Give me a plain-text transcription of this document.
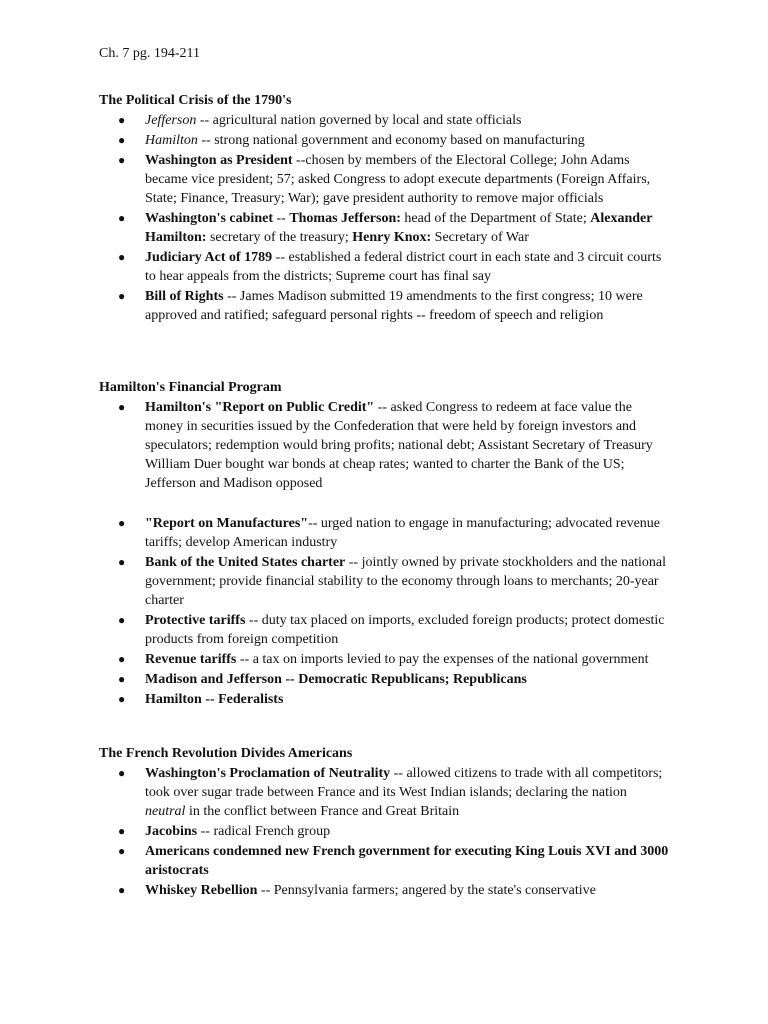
Ch. 7 pg. 194-211
The Political Crisis of the 1790's
● Jefferson -- agricultural nation governed by local and state officials
● Hamilton -- strong national government and economy based on manufacturing
● Washington as President --chosen by members of the Electoral College; John Adams became vice president; 57; asked Congress to adopt execute departments (Foreign Affairs, State; Finance, Treasury; War); gave president authority to remove major officials
● Washington's cabinet -- Thomas Jefferson: head of the Department of State; Alexander Hamilton: secretary of the treasury; Henry Knox: Secretary of War
● Judiciary Act of 1789 -- established a federal district court in each state and 3 circuit courts to hear appeals from the districts; Supreme court has final say
● Bill of Rights -- James Madison submitted 19 amendments to the first congress; 10 were approved and ratified; safeguard personal rights -- freedom of speech and religion
Hamilton's Financial Program
● Hamilton's "Report on Public Credit" -- asked Congress to redeem at face value the money in securities issued by the Confederation that were held by foreign investors and speculators; redemption would bring profits; national debt; Assistant Secretary of Treasury William Duer bought war bonds at cheap rates; wanted to charter the Bank of the US; Jefferson and Madison opposed
● "Report on Manufactures"-- urged nation to engage in manufacturing; advocated revenue tariffs; develop American industry
● Bank of the United States charter -- jointly owned by private stockholders and the national government; provide financial stability to the economy through loans to merchants; 20-year charter
● Protective tariffs -- duty tax placed on imports, excluded foreign products; protect domestic products from foreign competition
● Revenue tariffs -- a tax on imports levied to pay the expenses of the national government
● Madison and Jefferson -- Democratic Republicans; Republicans
● Hamilton -- Federalists
The French Revolution Divides Americans
● Washington's Proclamation of Neutrality -- allowed citizens to trade with all competitors; took over sugar trade between France and its West Indian islands; declaring the nation neutral in the conflict between France and Great Britain
● Jacobins -- radical French group
● Americans condemned new French government for executing King Louis XVI and 3000 aristocrats
● Whiskey Rebellion -- Pennsylvania farmers; angered by the state's conservative
